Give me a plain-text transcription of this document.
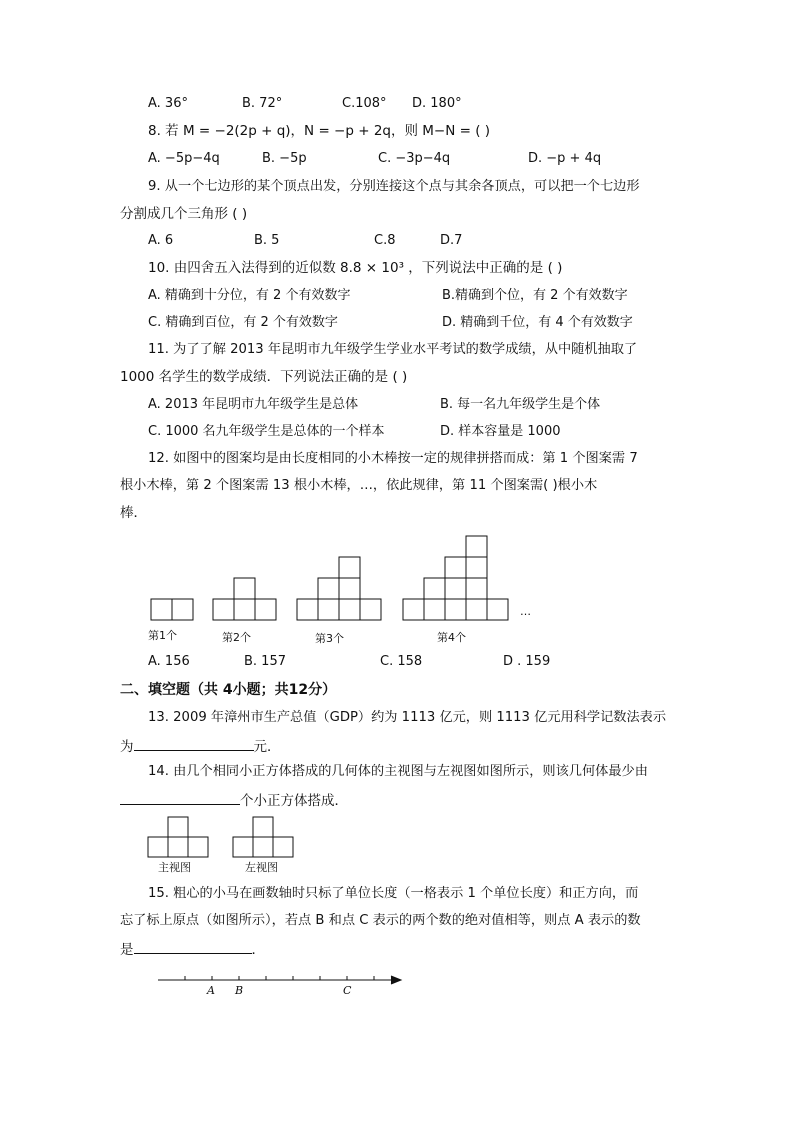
A. 36°	B. 72°	C.108° D. 180°
8. 若 M = −2(2p + q)，N = −p + 2q，则 M−N = ( )
A. −5p−4q	B. −5p	C. −3p−4q	D. −p + 4q
9. 从一个七边形的某个顶点出发，分别连接这个点与其余各顶点，可以把一个七边形
分割成几个三角形 ( )
A. 6	B. 5	C.8	D.7
10. 由四舍五入法得到的近似数 8.8 × 10³ ，下列说法中正确的是 ( )
A. 精确到十分位，有 2 个有效数字	B.精确到个位，有 2 个有效数字
C. 精确到百位，有 2 个有效数字	D. 精确到千位，有 4 个有效数字
11. 为了了解 2013 年昆明市九年级学生学业水平考试的数学成绩，从中随机抽取了
1000 名学生的数学成绩．下列说法正确的是 ( )
A. 2013 年昆明市九年级学生是总体	B. 每一名九年级学生是个体
C. 1000 名九年级学生是总体的一个样本	D. 样本容量是 1000
12. 如图中的图案均是由长度相同的小木棒按一定的规律拼搭而成：第 1 个图案需 7
根小木棒，第 2 个图案需 13 根小木棒，…，依此规律，第 11 个图案需( )根小木
棒．
第1个	第2个	第3个	第4个
…
A. 156	B. 157	C. 158	D . 159
二、填空题（共 4小题；共12分）
13. 2009 年漳州市生产总值（GDP）约为 1113 亿元，则 1113 亿元用科学记数法表示
为	元．
14. 由几个相同小正方体搭成的几何体的主视图与左视图如图所示，则该几何体最少由
个小正方体搭成．
主视图	左视图
15. 粗心的小马在画数轴时只标了单位长度（一格表示 1 个单位长度）和正方向，而
忘了标上原点（如图所示），若点 B 和点 C 表示的两个数的绝对值相等，则点 A 表示的数
是	．
A B	C
